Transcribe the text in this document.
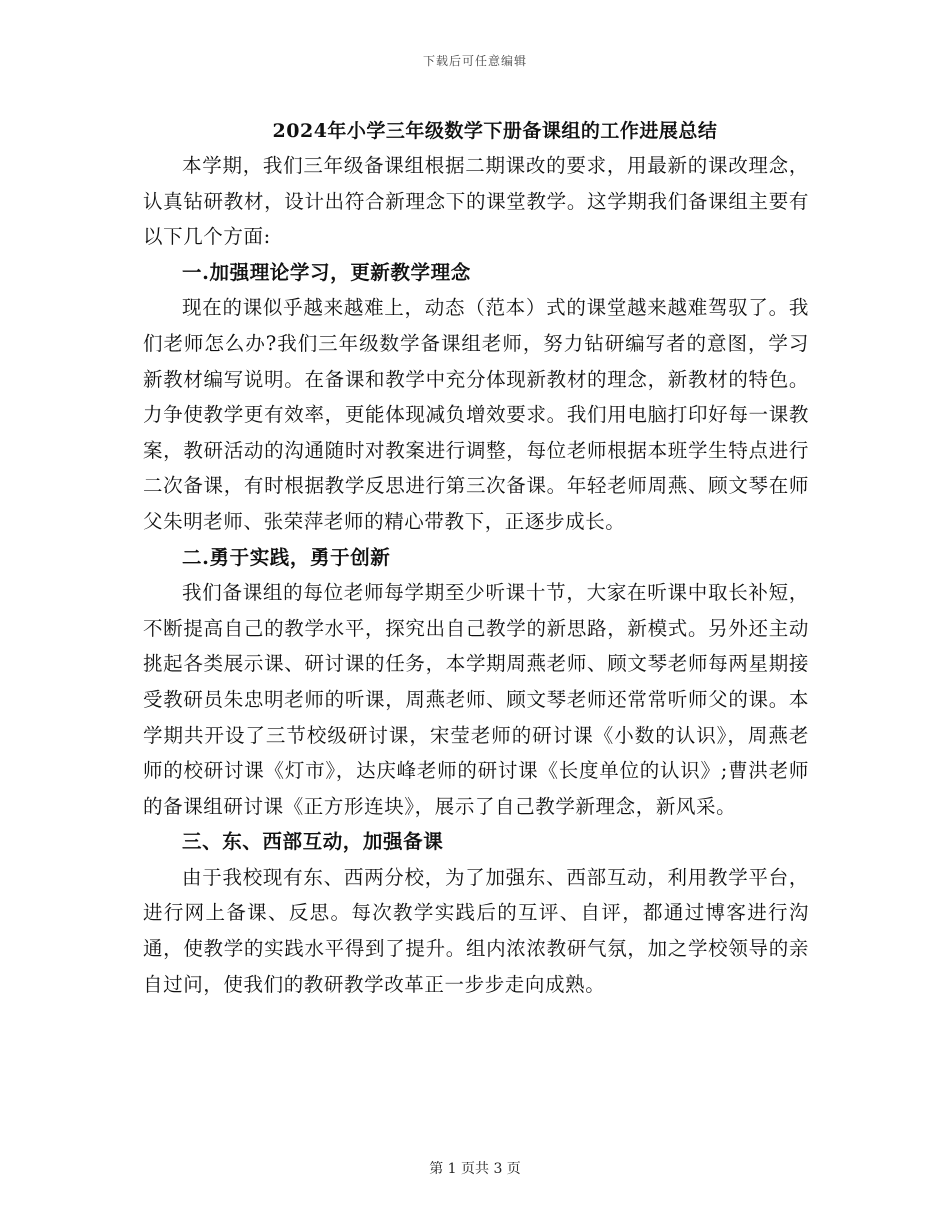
下载后可任意编辑
2024年小学三年级数学下册备课组的工作进展总结

本学期，我们三年级备课组根据二期课改的要求，用最新的课改理念，认真钻研教材，设计出符合新理念下的课堂教学。这学期我们备课组主要有以下几个方面:

一.加强理论学习，更新教学理念

现在的课似乎越来越难上，动态（范本）式的课堂越来越难驾驭了。我们老师怎么办?我们三年级数学备课组老师，努力钻研编写者的意图，学习新教材编写说明。在备课和教学中充分体现新教材的理念，新教材的特色。力争使教学更有效率，更能体现减负增效要求。我们用电脑打印好每一课教案，教研活动的沟通随时对教案进行调整，每位老师根据本班学生特点进行二次备课，有时根据教学反思进行第三次备课。年轻老师周燕、顾文琴在师父朱明老师、张荣萍老师的精心带教下，正逐步成长。

二.勇于实践，勇于创新

我们备课组的每位老师每学期至少听课十节，大家在听课中取长补短，不断提高自己的教学水平，探究出自己教学的新思路，新模式。另外还主动挑起各类展示课、研讨课的任务，本学期周燕老师、顾文琴老师每两星期接受教研员朱忠明老师的听课，周燕老师、顾文琴老师还常常听师父的课。本学期共开设了三节校级研讨课，宋莹老师的研讨课《小数的认识》，周燕老师的校研讨课《灯市》，达庆峰老师的研讨课《长度单位的认识》;曹洪老师的备课组研讨课《正方形连块》，展示了自己教学新理念，新风采。

三、东、西部互动，加强备课

由于我校现有东、西两分校，为了加强东、西部互动，利用教学平台，进行网上备课、反思。每次教学实践后的互评、自评，都通过博客进行沟通，使教学的实践水平得到了提升。组内浓浓教研气氛，加之学校领导的亲自过问，使我们的教研教学改革正一步步走向成熟。

第 1 页共 3 页
